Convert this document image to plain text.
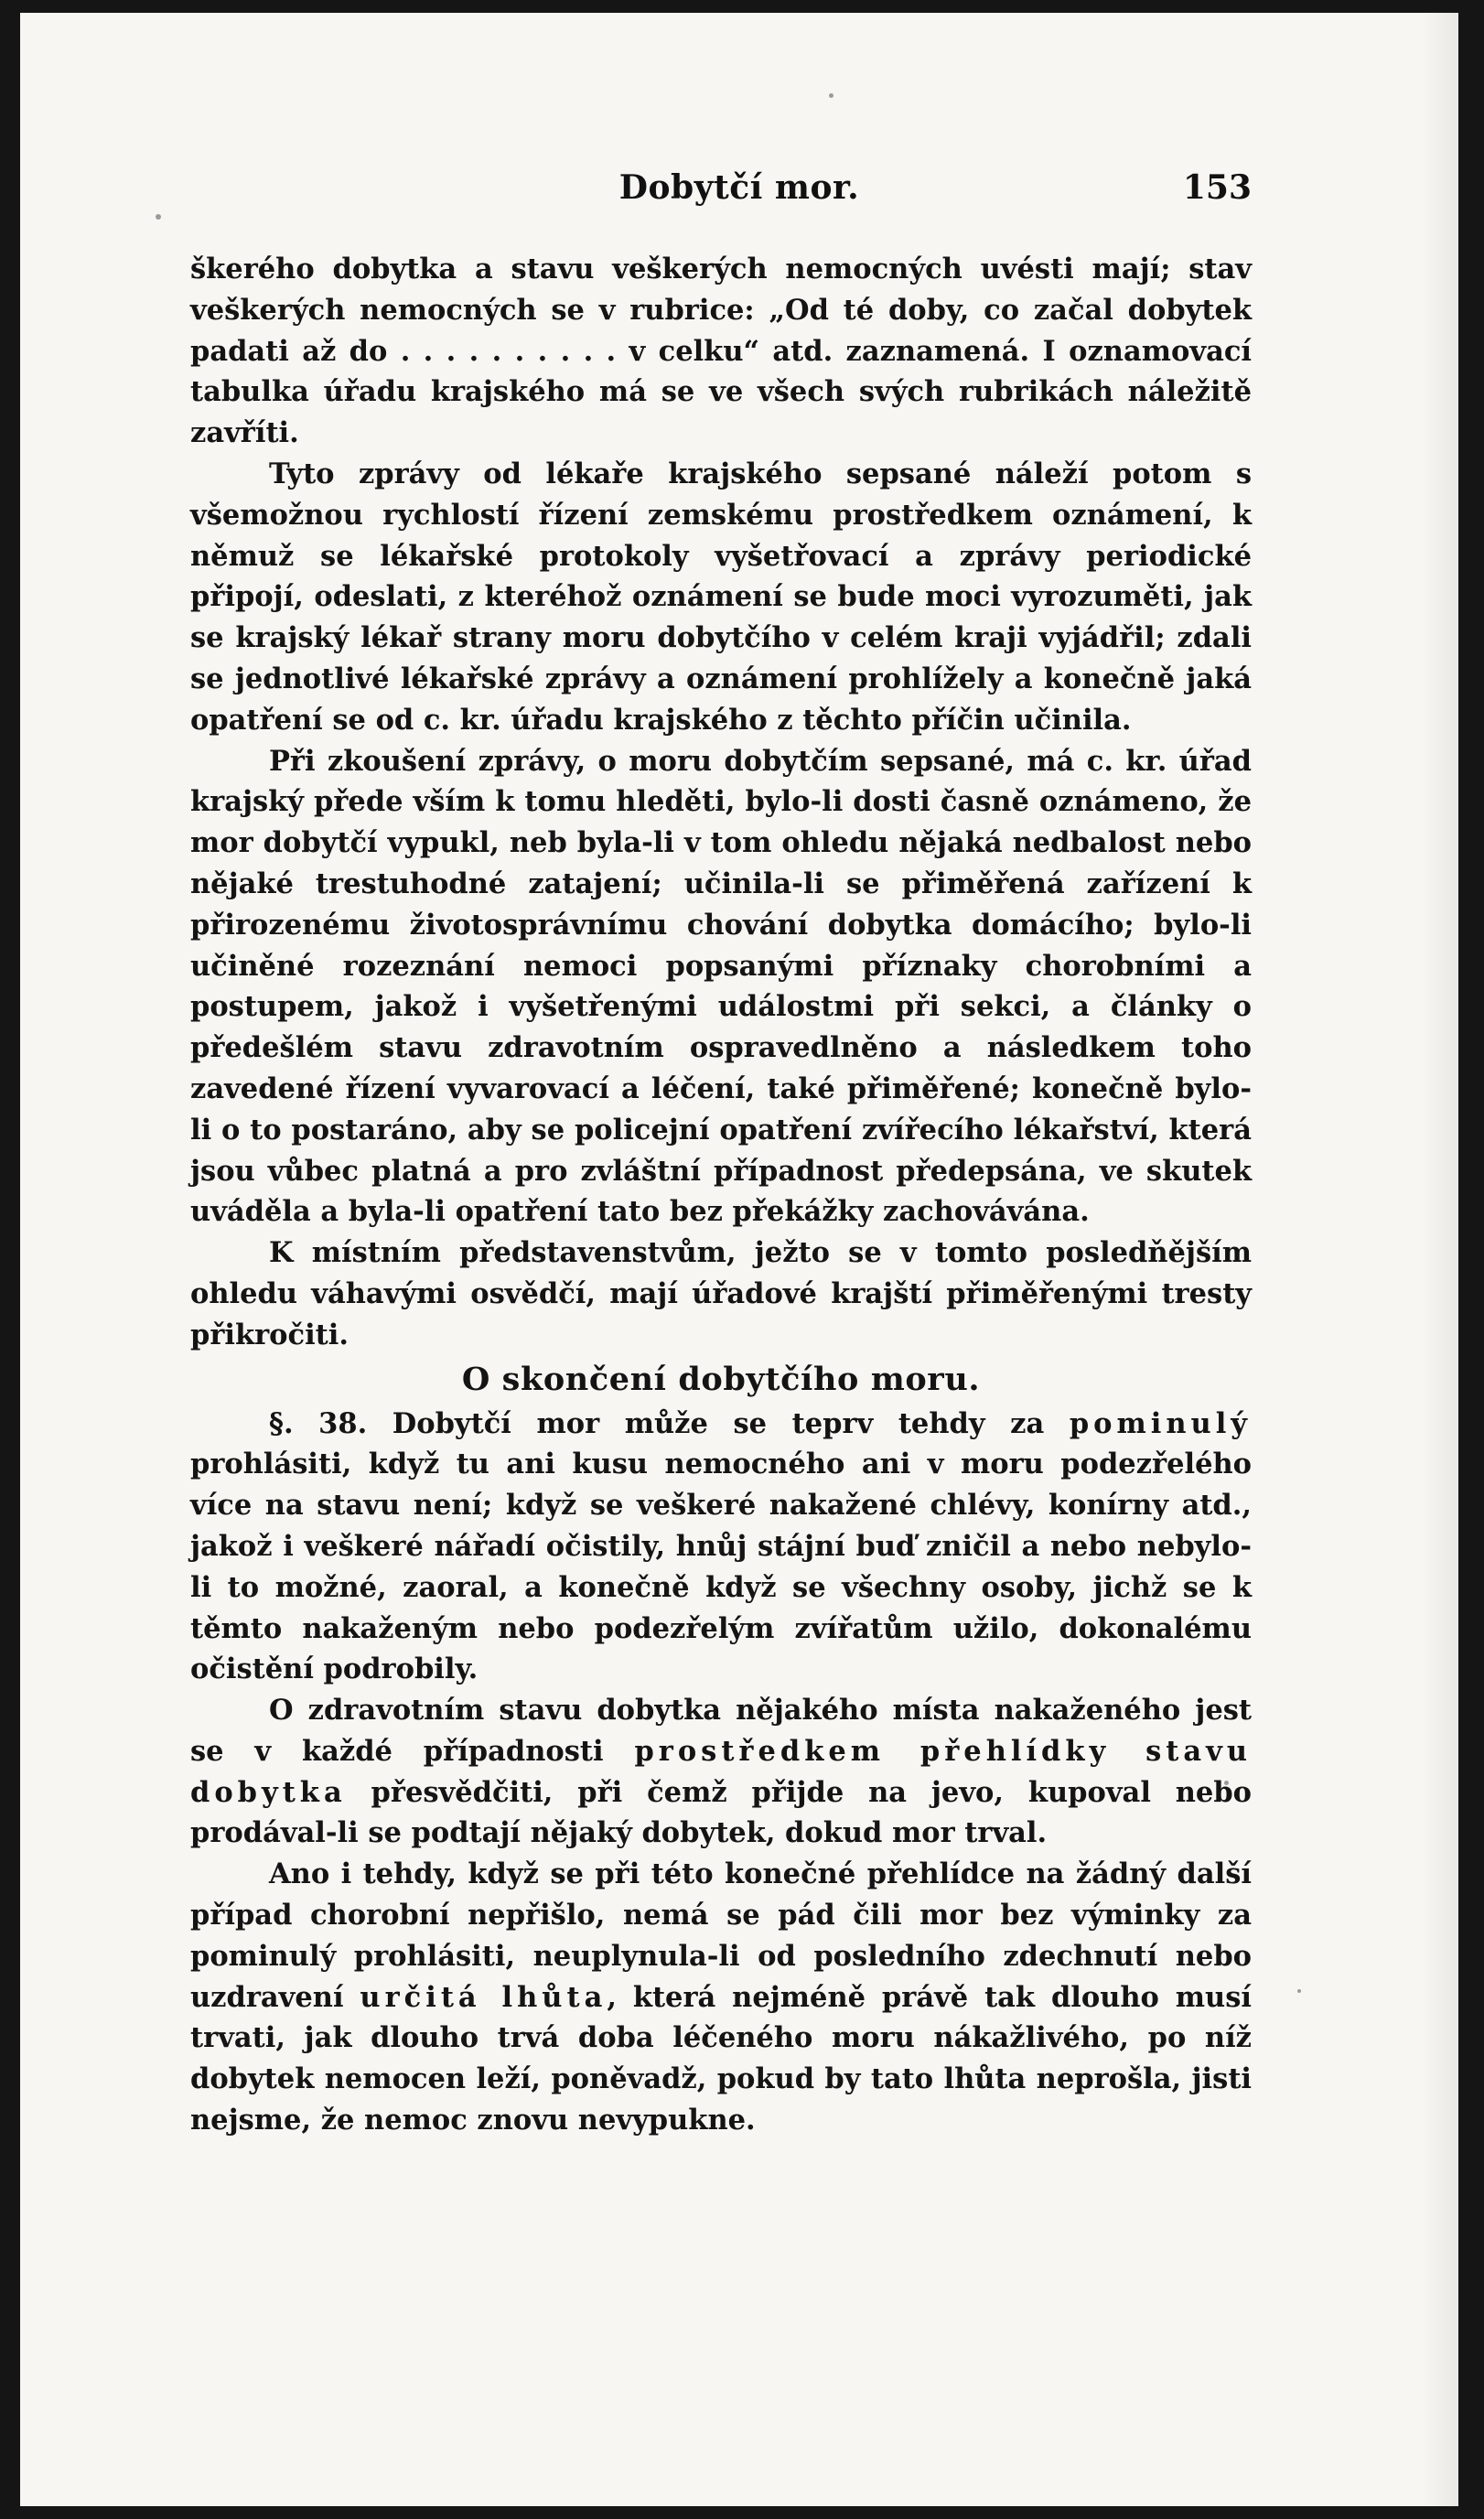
Dobytčí mor.	153

škerého dobytka a stavu veškerých nemocných uvésti mají; stav veškerých nemocných se v rubrice: „Od té doby, co začal dobytek padati až do . . . . . . . . . . v celku“ atd. zaznamená. I oznamovací tabulka úřadu krajského má se ve všech svých rubrikách náležitě zavříti.

Tyto zprávy od lékaře krajského sepsané náleží potom s všemožnou rychlostí řízení zemskému prostředkem oznámení, k němuž se lékařské protokoly vyšetřovací a zprávy periodické připojí, odeslati, z kteréhož oznámení se bude moci vyrozuměti, jak se krajský lékař strany moru dobytčího v celém kraji vyjádřil; zdali se jednotlivé lékařské zprávy a oznámení prohlížely a konečně jaká opatření se od c. kr. úřadu krajského z těchto příčin učinila.

Při zkoušení zprávy, o moru dobytčím sepsané, má c. kr. úřad krajský přede vším k tomu hleděti, bylo-li dosti časně oznámeno, že mor dobytčí vypukl, neb byla-li v tom ohledu nějaká nedbalost nebo nějaké trestuhodné zatajení; učinila-li se přiměřená zařízení k přirozenému životosprávnímu chování dobytka domácího; bylo-li učiněné rozeznání nemoci popsanými příznaky chorobními a postupem, jakož i vyšetřenými událostmi při sekci, a články o předešlém stavu zdravotním ospravedlněno a následkem toho zavedené řízení vyvarovací a léčení, také přiměřené; konečně bylo-li o to postaráno, aby se policejní opatření zvířecího lékařství, která jsou vůbec platná a pro zvláštní případnost předepsána, ve skutek uváděla a byla-li opatření tato bez překážky zachovávána.

K místním představenstvům, ježto se v tomto posledňějším ohledu váhavými osvědčí, mají úřadové krajští přiměřenými tresty přikročiti.

O skončení dobytčího moru.

§. 38. Dobytčí mor může se teprv tehdy za pominulý prohlásiti, když tu ani kusu nemocného ani v moru podezřelého více na stavu není; když se veškeré nakažené chlévy, konírny atd., jakož i veškeré nářadí očistily, hnůj stájní buď zničil a nebo nebylo-li to možné, zaoral, a konečně když se všechny osoby, jichž se k těmto nakaženým nebo podezřelým zvířatům užilo, dokonalému očistění podrobily.

O zdravotním stavu dobytka nějakého místa nakaženého jest se v každé případnosti prostředkem přehlídky stavu dobytka přesvědčiti, při čemž přijde na jevo, kupoval nebo prodával-li se podtají nějaký dobytek, dokud mor trval.

Ano i tehdy, když se při této konečné přehlídce na žádný další případ chorobní nepřišlo, nemá se pád čili mor bez výminky za pominulý prohlásiti, neuplynula-li od posledního zdechnutí nebo uzdravení určitá lhůta, která nejméně právě tak dlouho musí trvati, jak dlouho trvá doba léčeného moru nákažlivého, po níž dobytek nemocen leží, poněvadž, pokud by tato lhůta neprošla, jisti nejsme, že nemoc znovu nevypukne.
